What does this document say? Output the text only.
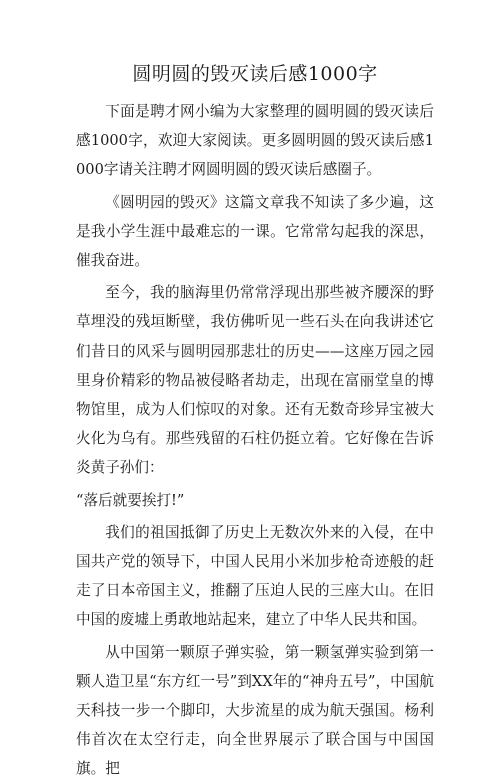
圆明圆的毁灭读后感1000字

下面是聘才网小编为大家整理的圆明圆的毁灭读后感1000字，欢迎大家阅读。更多圆明圆的毁灭读后感1000字请关注聘才网圆明圆的毁灭读后感圈子。

《圆明园的毁灭》这篇文章我不知读了多少遍，这是我小学生涯中最难忘的一课。它常常勾起我的深思，催我奋进。

至今，我的脑海里仍常常浮现出那些被齐腰深的野草埋没的残垣断壁，我仿佛听见一些石头在向我讲述它们昔日的风采与圆明园那悲壮的历史——这座万园之园里身价精彩的物品被侵略者劫走，出现在富丽堂皇的博物馆里，成为人们惊叹的对象。还有无数奇珍异宝被大火化为乌有。那些残留的石柱仍挺立着。它好像在告诉炎黄子孙们：

“落后就要挨打!”

我们的祖国抵御了历史上无数次外来的入侵，在中国共产党的领导下，中国人民用小米加步枪奇迹般的赶走了日本帝国主义，推翻了压迫人民的三座大山。在旧中国的废墟上勇敢地站起来，建立了中华人民共和国。

从中国第一颗原子弹实验，第一颗氢弹实验到第一颗人造卫星“东方红一号”到XX年的“神舟五号”，中国航天科技一步一个脚印，大步流星的成为航天强国。杨利伟首次在太空行走，向全世界展示了联合国与中国国旗。把
